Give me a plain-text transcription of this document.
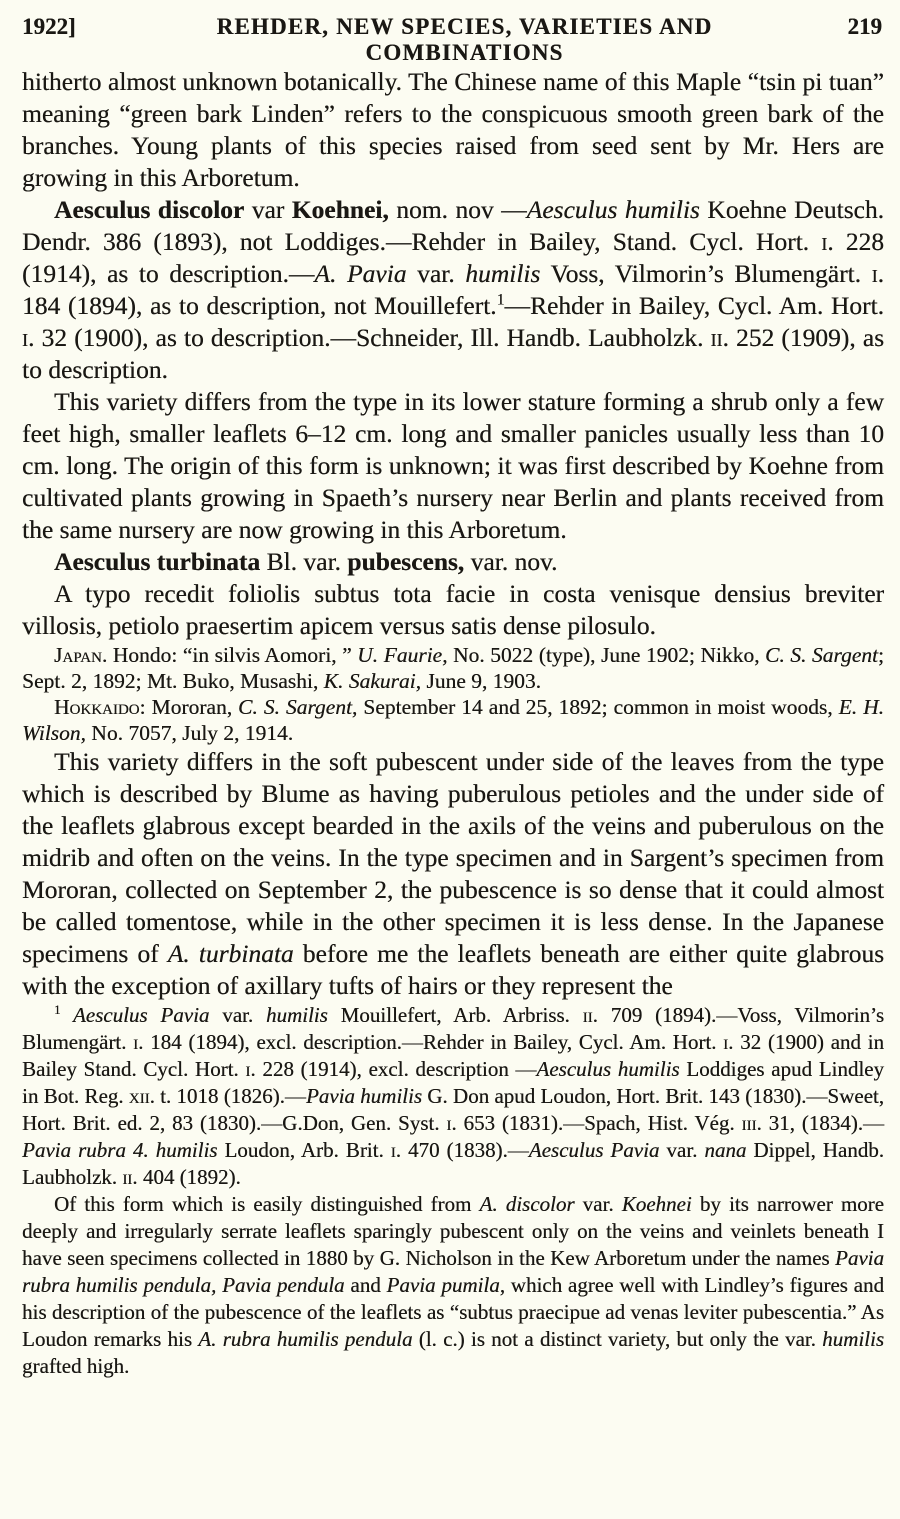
1922]	REHDER, NEW SPECIES, VARIETIES AND COMBINATIONS
219

hitherto almost unknown botanically. The Chinese name of this Maple “tsin pi tuan” meaning “green bark Linden” refers to the conspicuous smooth green bark of the branches. Young plants of this species raised from seed sent by Mr. Hers are growing in this Arboretum.

Aesculus discolor var Koehnei, nom. nov —Aesculus humilis Koehne Deutsch. Dendr. 386 (1893), not Loddiges.—Rehder in Bailey, Stand. Cycl. Hort. i. 228 (1914), as to description.—A. Pavia var. humilis Voss, Vilmorin’s Blumengärt. i. 184 (1894), as to description, not Mouillefert.$^1$—Rehder in Bailey, Cycl. Am. Hort. i. 32 (1900), as to description.—Schneider, Ill. Handb. Laubholzk. ii. 252 (1909), as to description.

This variety differs from the type in its lower stature forming a shrub only a few feet high, smaller leaflets 6–12 cm. long and smaller panicles usually less than 10 cm. long. The origin of this form is unknown; it was first described by Koehne from cultivated plants growing in Spaeth’s nursery near Berlin and plants received from the same nursery are now growing in this Arboretum.

Aesculus turbinata Bl. var. pubescens, var. nov.

A typo recedit foliolis subtus tota facie in costa venisque densius breviter villosis, petiolo praesertim apicem versus satis dense pilosulo.

Japan. Hondo: “in silvis Aomori, ” U. Faurie, No. 5022 (type), June 1902; Nikko, C. S. Sargent; Sept. 2, 1892; Mt. Buko, Musashi, K. Sakurai, June 9, 1903.

Hokkaido: Mororan, C. S. Sargent, September 14 and 25, 1892; common in moist woods, E. H. Wilson, No. 7057, July 2, 1914.

This variety differs in the soft pubescent under side of the leaves from the type which is described by Blume as having puberulous petioles and the under side of the leaflets glabrous except bearded in the axils of the veins and puberulous on the midrib and often on the veins. In the type specimen and in Sargent’s specimen from Mororan, collected on September 2, the pubescence is so dense that it could almost be called tomentose, while in the other specimen it is less dense. In the Japanese specimens of A. turbinata before me the leaflets beneath are either quite glabrous with the exception of axillary tufts of hairs or they represent the

$^1$ Aesculus Pavia var. humilis Mouillefert, Arb. Arbriss. ii. 709 (1894).—Voss, Vilmorin’s Blumengärt. i. 184 (1894), excl. description.—Rehder in Bailey, Cycl. Am. Hort. i. 32 (1900) and in Bailey Stand. Cycl. Hort. i. 228 (1914), excl. description —Aesculus humilis Loddiges apud Lindley in Bot. Reg. xii. t. 1018 (1826).—Pavia humilis G. Don apud Loudon, Hort. Brit. 143 (1830).—Sweet, Hort. Brit. ed. 2, 83 (1830).—G.Don, Gen. Syst. i. 653 (1831).—Spach, Hist. Vég. iii. 31, (1834).—Pavia rubra 4. humilis Loudon, Arb. Brit. i. 470 (1838).—Aesculus Pavia var. nana Dippel, Handb. Laubholzk. ii. 404 (1892).

Of this form which is easily distinguished from A. discolor var. Koehnei by its narrower more deeply and irregularly serrate leaflets sparingly pubescent only on the veins and veinlets beneath I have seen specimens collected in 1880 by G. Nicholson in the Kew Arboretum under the names Pavia rubra humilis pendula, Pavia pendula and Pavia pumila, which agree well with Lindley’s figures and his description of the pubescence of the leaflets as “subtus praecipue ad venas leviter pubescentia.” As Loudon remarks his A. rubra humilis pendula (l. c.) is not a distinct variety, but only the var. humilis grafted high.
